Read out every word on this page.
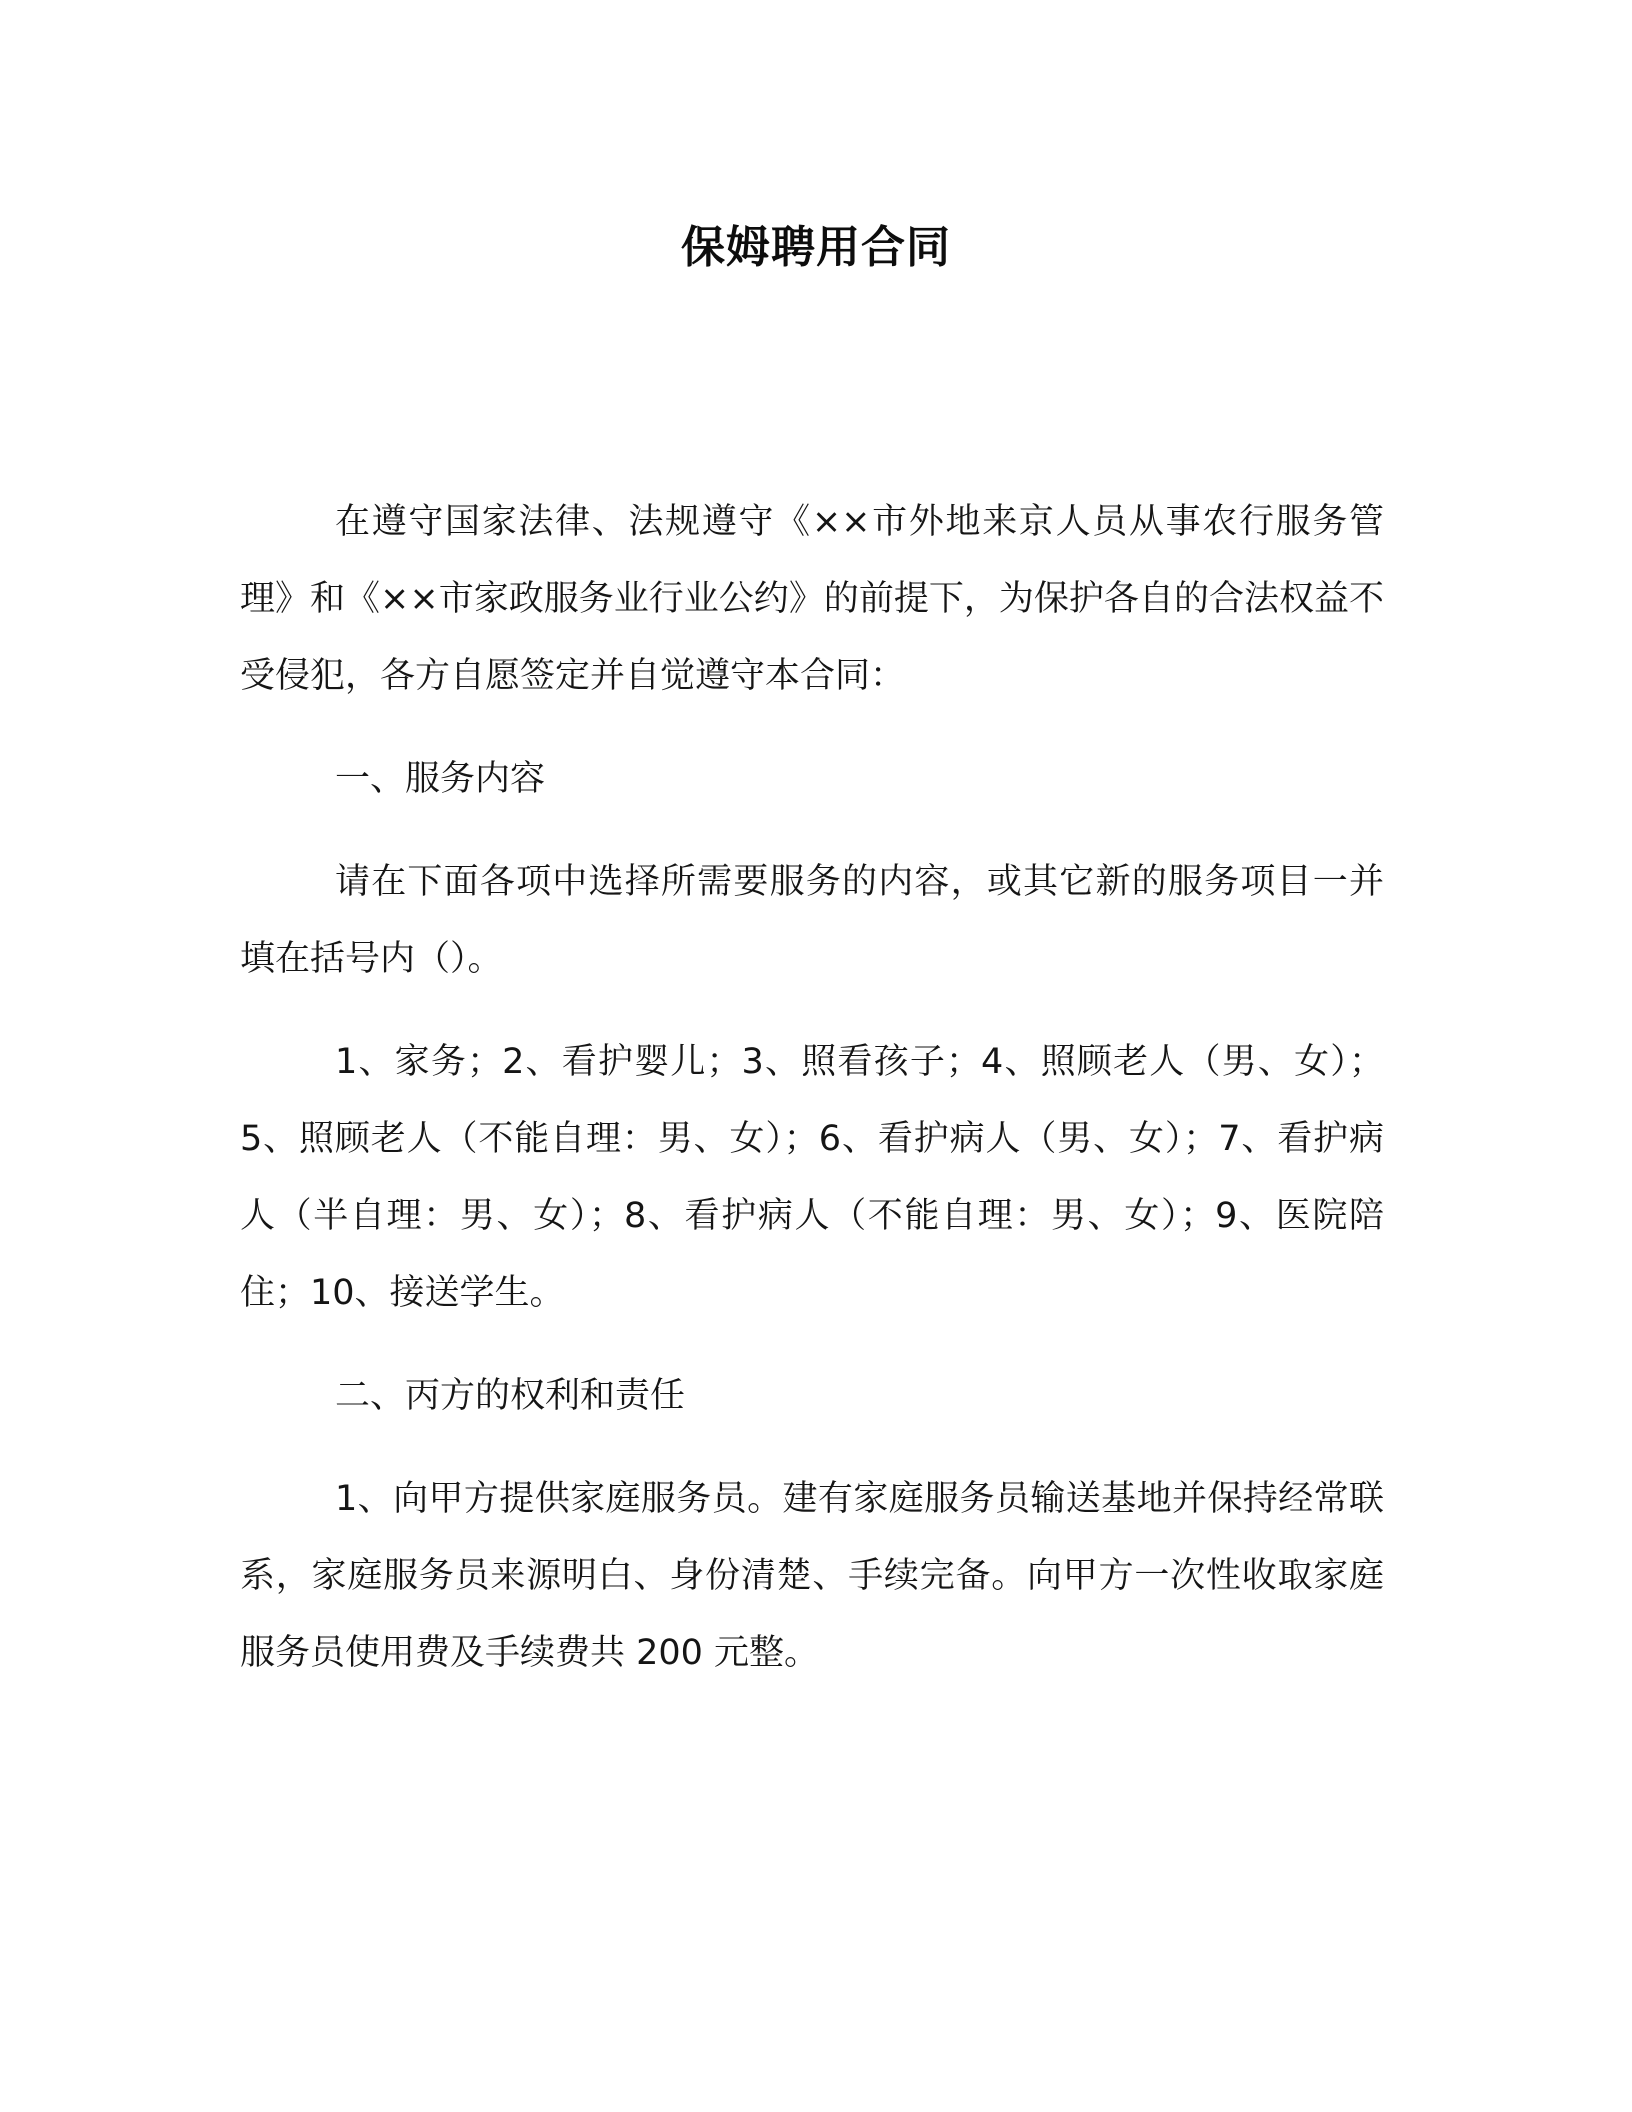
保姆聘用合同

在遵守国家法律、法规遵守《××市外地来京人员从事农行服务管理》和《××市家政服务业行业公约》的前提下，为保护各自的合法权益不受侵犯，各方自愿签定并自觉遵守本合同：

一、服务内容

请在下面各项中选择所需要服务的内容，或其它新的服务项目一并填在括号内（）。

1、家务；2、看护婴儿；3、照看孩子；4、照顾老人（男、女）；5、照顾老人（不能自理：男、女）；6、看护病人（男、女）；7、看护病人（半自理：男、女）；8、看护病人（不能自理：男、女）；9、医院陪住；10、接送学生。

二、丙方的权利和责任

1、向甲方提供家庭服务员。建有家庭服务员输送基地并保持经常联系，家庭服务员来源明白、身份清楚、手续完备。向甲方一次性收取家庭服务员使用费及手续费共 200 元整。
